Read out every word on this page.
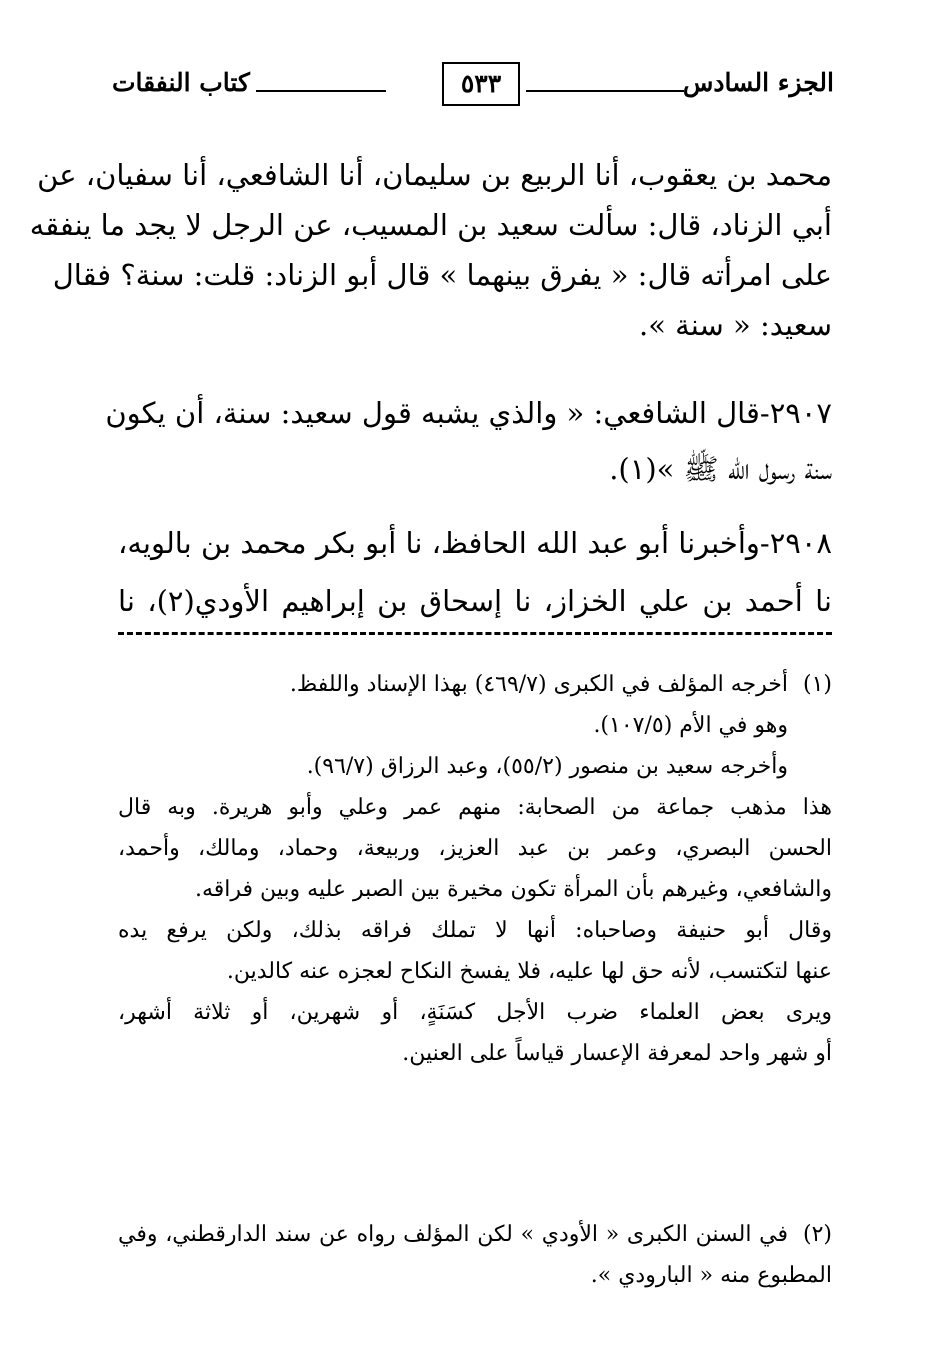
الجزء السادس
٥٣٣
كتاب النفقات
محمد بن يعقوب، أنا الربيع بن سليمان، أنا الشافعي، أنا سفيان، عن
أبي الزناد، قال: سألت سعيد بن المسيب، عن الرجل لا يجد ما ينفقه
على امرأته قال: « يفرق بينهما » قال أبو الزناد: قلت: سنة؟ فقال
سعيد: « سنة ».
٢٩٠٧-قال الشافعي: « والذي يشبه قول سعيد: سنة، أن يكون
سنة رسول الله ﷺ »(١).
٢٩٠٨-وأخبرنا أبو عبد الله الحافظ، نا أبو بكر محمد بن بالويه،
نا أحمد بن علي الخزاز، نا إسحاق بن إبراهيم الأودي(٢)، نا
(١)
أخرجه المؤلف في الكبرى (٤٦٩/٧) بهذا الإسناد واللفظ.
وهو في الأم (١٠٧/٥).
وأخرجه سعيد بن منصور (٥٥/٢)، وعبد الرزاق (٩٦/٧).
هذا مذهب جماعة من الصحابة: منهم عمر وعلي وأبو هريرة. وبه قال
الحسن البصري، وعمر بن عبد العزيز، وربيعة، وحماد، ومالك، وأحمد،
والشافعي، وغيرهم بأن المرأة تكون مخيرة بين الصبر عليه وبين فراقه.
وقال أبو حنيفة وصاحباه: أنها لا تملك فراقه بذلك، ولكن يرفع يده
عنها لتكتسب، لأنه حق لها عليه، فلا يفسخ النكاح لعجزه عنه كالدين.
ويرى بعض العلماء ضرب الأجل كسَنَةٍ، أو شهرين، أو ثلاثة أشهر،
أو شهر واحد لمعرفة الإعسار قياساً على العنين.
(٢)
في السنن الكبرى « الأودي » لكن المؤلف رواه عن سند الدارقطني، وفي
المطبوع منه « البارودي ».
